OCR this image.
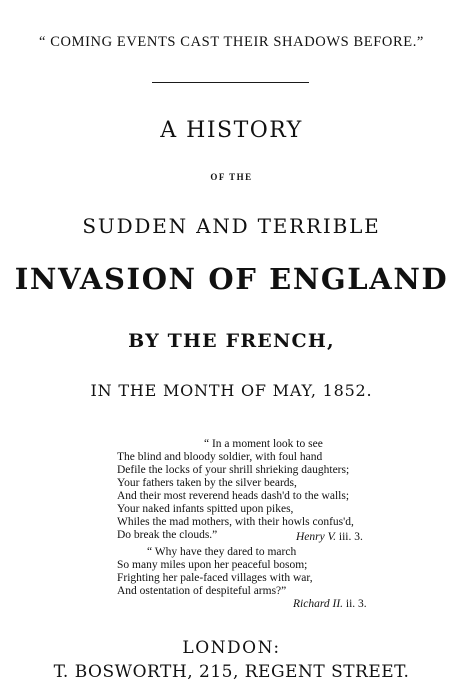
“ COMING EVENTS CAST THEIR SHADOWS BEFORE.”
A HISTORY
OF THE
SUDDEN AND TERRIBLE
INVASION OF ENGLAND
BY THE FRENCH,
IN THE MONTH OF MAY, 1852.
“ In a moment look to see
The blind and bloody soldier, with foul hand
Defile the locks of your shrill shrieking daughters;
Your fathers taken by the silver beards,
And their most reverend heads dash'd to the walls;
Your naked infants spitted upon pikes,
Whiles the mad mothers, with their howls confus'd,
Do break the clouds.”	Henry V. iii. 3.
“ Why have they dared to march
So many miles upon her peaceful bosom;
Frighting her pale-faced villages with war,
And ostentation of despiteful arms?”
Richard II. ii. 3.
LONDON:
T. BOSWORTH, 215, REGENT STREET.
